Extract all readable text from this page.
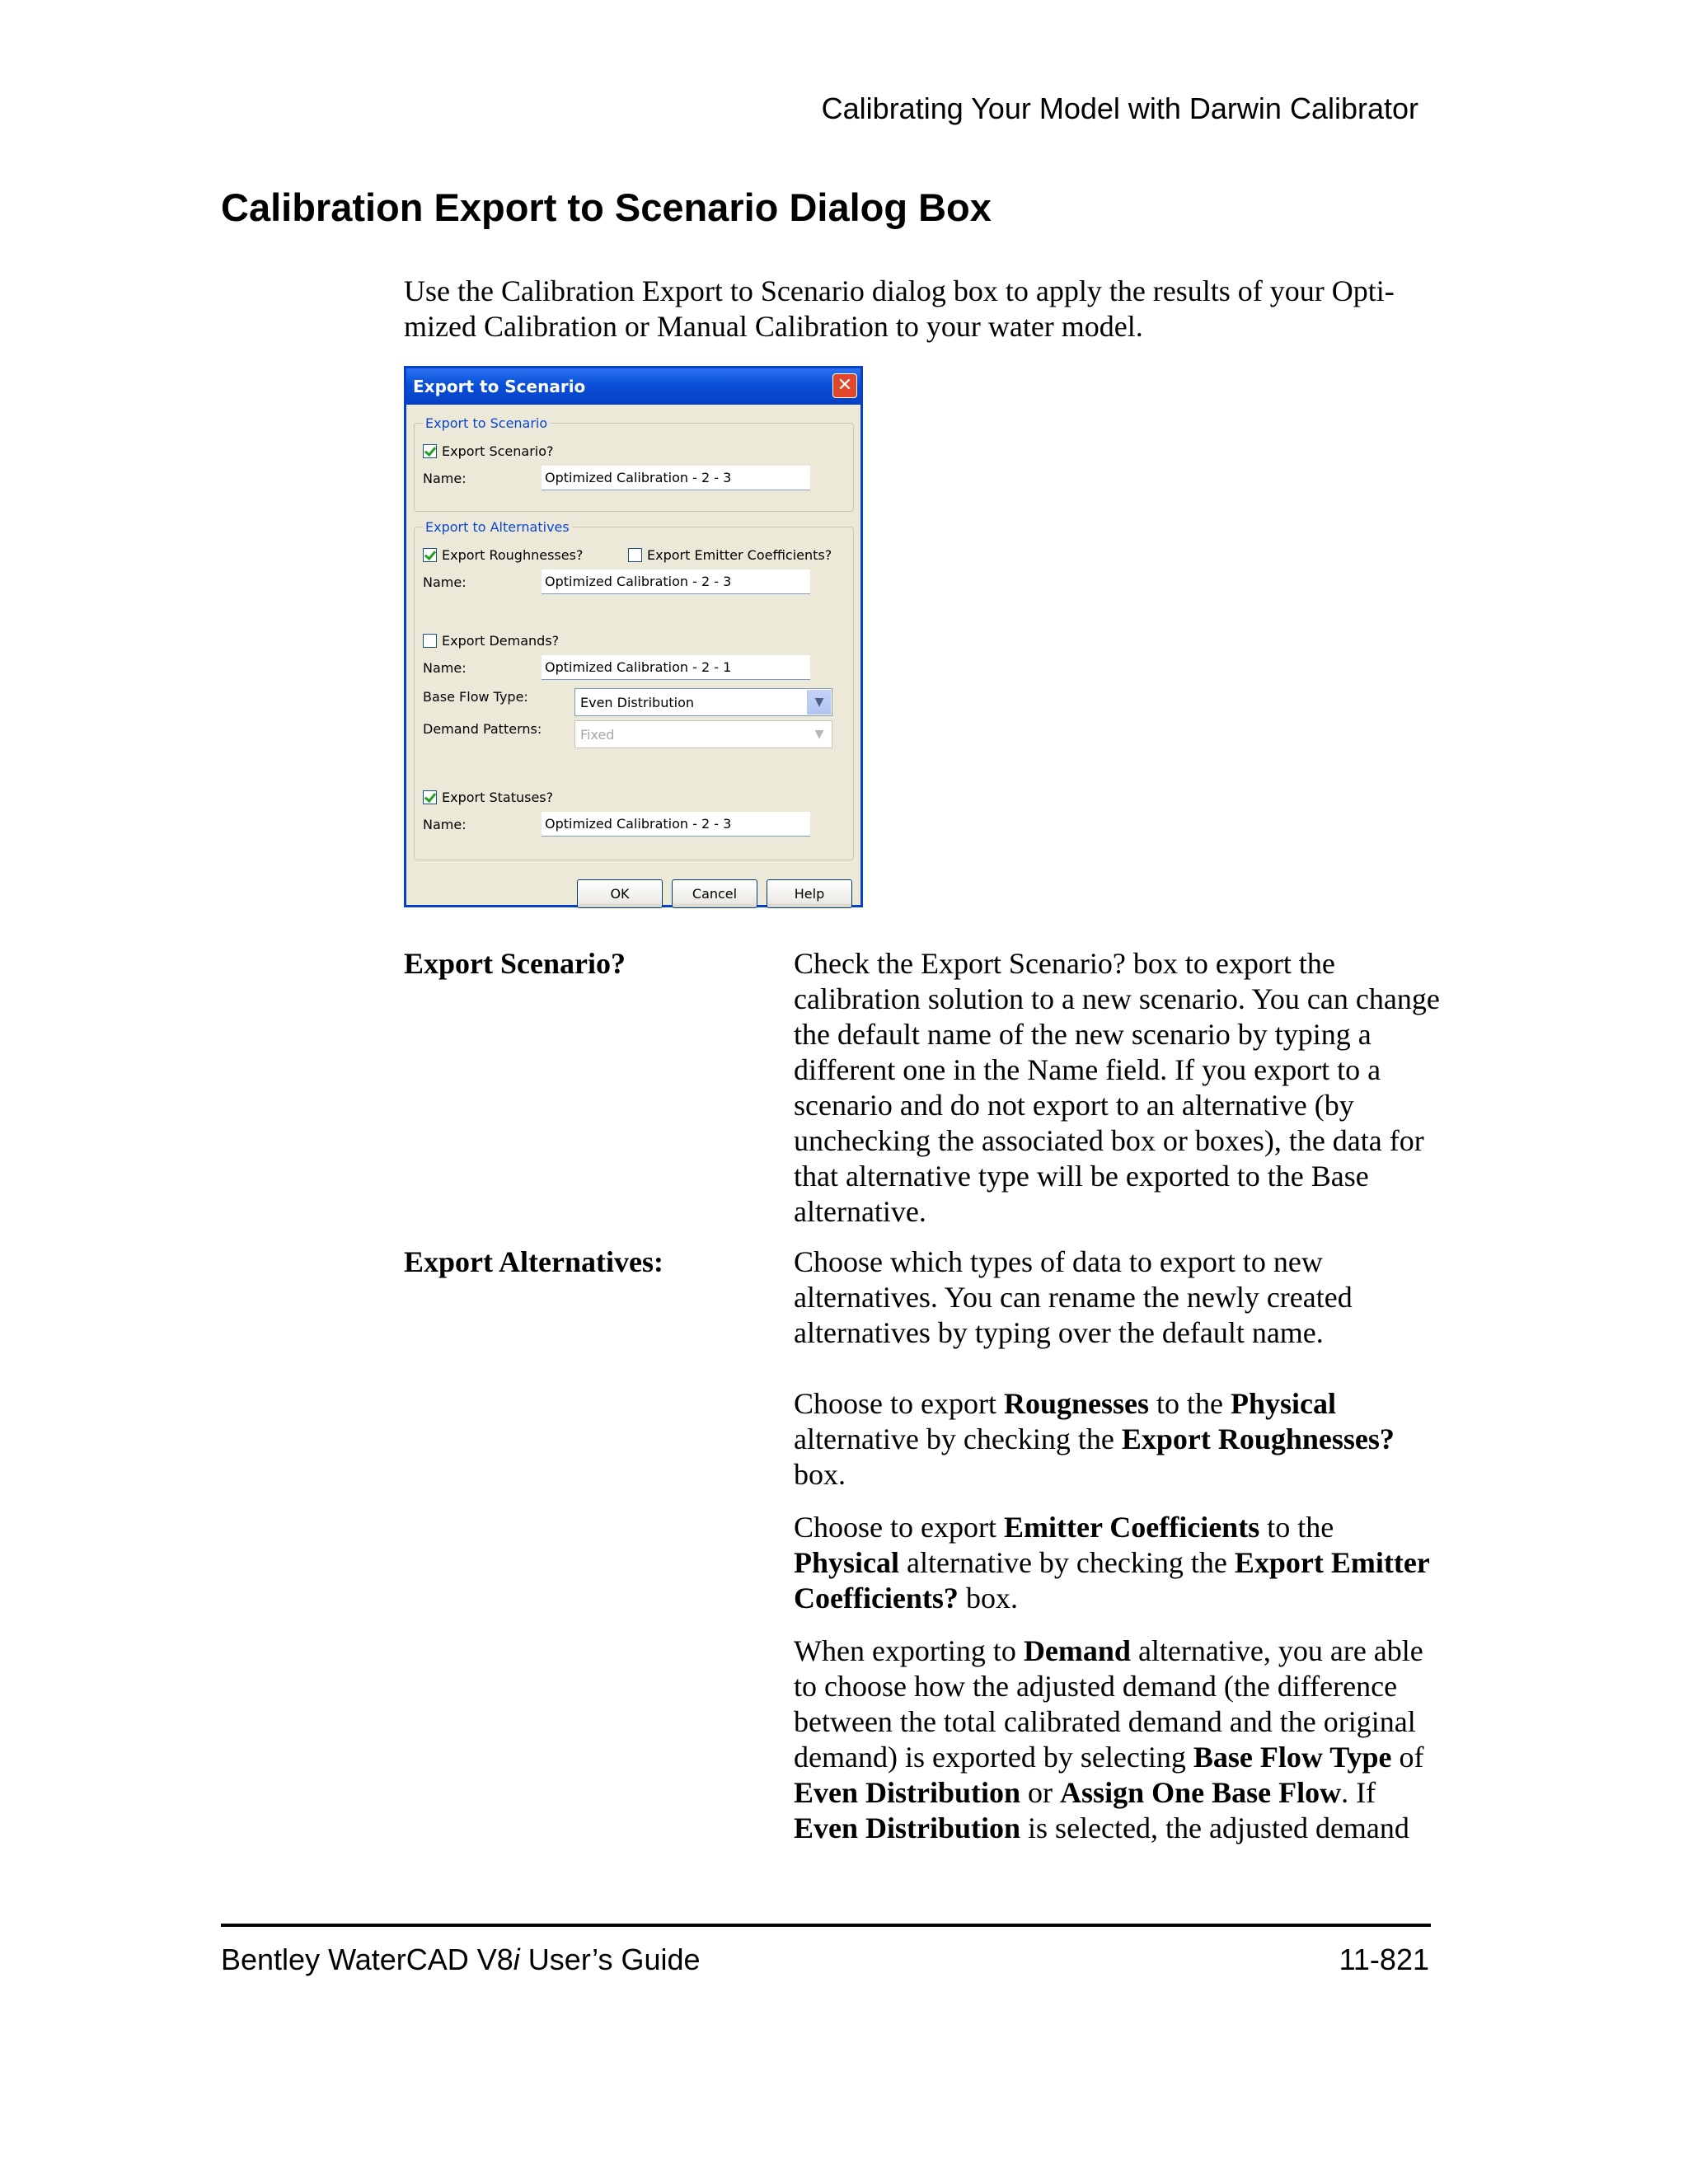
Calibrating Your Model with Darwin Calibrator
Calibration Export to Scenario Dialog Box

Use the Calibration Export to Scenario dialog box to apply the results of your Opti-mized Calibration or Manual Calibration to your water model.

Export to Scenario	✕
Export to Scenario
Export Scenario?
Name:	Optimized Calibration - 2 - 3
Export to Alternatives
Export Roughnesses?	Export Emitter Coefficients?
Name:	Optimized Calibration - 2 - 3
Export Demands?
Name:	Optimized Calibration - 2 - 1
Base Flow Type:	Even Distribution	▼
Demand Patterns:	Fixed	▼
Export Statuses?
Name:	Optimized Calibration - 2 - 3
OK	Cancel	Help
Export Scenario?	Check the Export Scenario? box to export the calibration solution to a new scenario. You can change the default name of the new scenario by typing a different one in the Name field. If you export to a scenario and do not export to an alternative (by unchecking the associated box or boxes), the data for that alternative type will be exported to the Base alternative.

Export Alternatives:	Choose which types of data to export to new alternatives. You can rename the newly created alternatives by typing over the default name.

Choose to export Rougnesses to the Physical alternative by checking the Export Roughnesses? box.

Choose to export Emitter Coefficients to the Physical alternative by checking the Export Emitter Coefficients? box.

When exporting to Demand alternative, you are able to choose how the adjusted demand (the difference between the total calibrated demand and the original demand) is exported by selecting Base Flow Type of Even Distribution or Assign One Base Flow. If Even Distribution is selected, the adjusted demand

Bentley WaterCAD V8i User’s Guide	11-821
